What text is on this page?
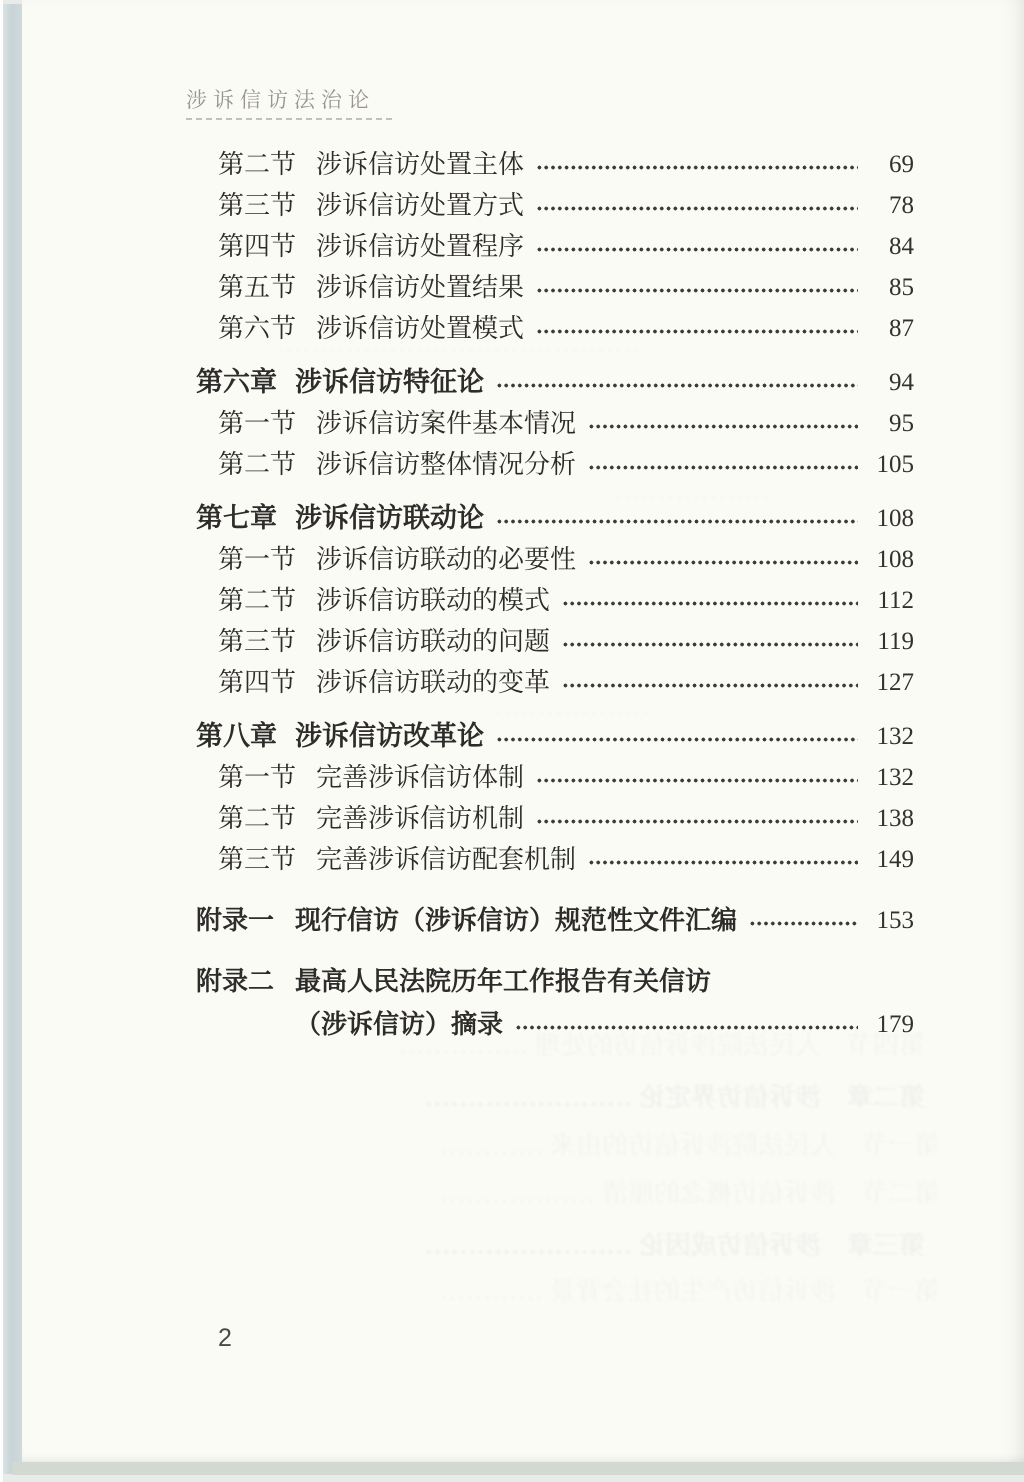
涉诉信访法治论
第二节 涉诉信访处置主体	69
第三节 涉诉信访处置方式	78
第四节 涉诉信访处置程序	84
第五节 涉诉信访处置结果	85
第六节 涉诉信访处置模式	87
第六章 涉诉信访特征论	94
第一节 涉诉信访案件基本情况	95
第二节 涉诉信访整体情况分析	105
第七章 涉诉信访联动论	108
第一节 涉诉信访联动的必要性	108
第二节 涉诉信访联动的模式	112
第三节 涉诉信访联动的问题	119
第四节 涉诉信访联动的变革	127
第八章 涉诉信访改革论	132
第一节 完善涉诉信访体制	132
第二节 完善涉诉信访机制	138
第三节 完善涉诉信访配套机制	149
附录一 现行信访（涉诉信访）规范性文件汇编	153
附录二 最高人民法院历年工作报告有关信访
（涉诉信访）摘录	179
2
第四节　人民法院涉诉信访的处理 ……………
第二章　涉诉信访界定论 ……………………
第一节　人民法院涉诉信访的由来 …………
第二节　涉诉信访概念的厘清 ………………
第三章　涉诉信访成因论 ……………………
第一节　涉诉信访产生的社会背景 …………
